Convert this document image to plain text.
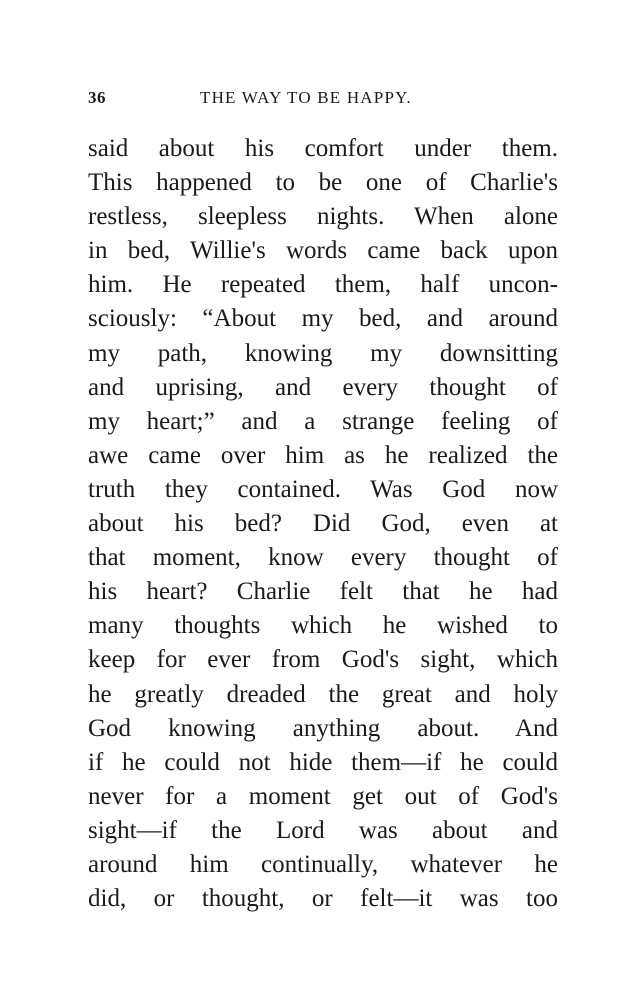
36	THE WAY TO BE HAPPY.
said about his comfort under them.
This happened to be one of Charlie's
restless, sleepless nights. When alone
in bed, Willie's words came back upon
him. He repeated them, half uncon-
sciously: “About my bed, and around
my path, knowing my downsitting
and uprising, and every thought of
my heart;” and a strange feeling of
awe came over him as he realized the
truth they contained. Was God now
about his bed? Did God, even at
that moment, know every thought of
his heart? Charlie felt that he had
many thoughts which he wished to
keep for ever from God's sight, which
he greatly dreaded the great and holy
God knowing anything about. And
if he could not hide them—if he could
never for a moment get out of God's
sight—if the Lord was about and
around him continually, whatever he
did, or thought, or felt—it was too
